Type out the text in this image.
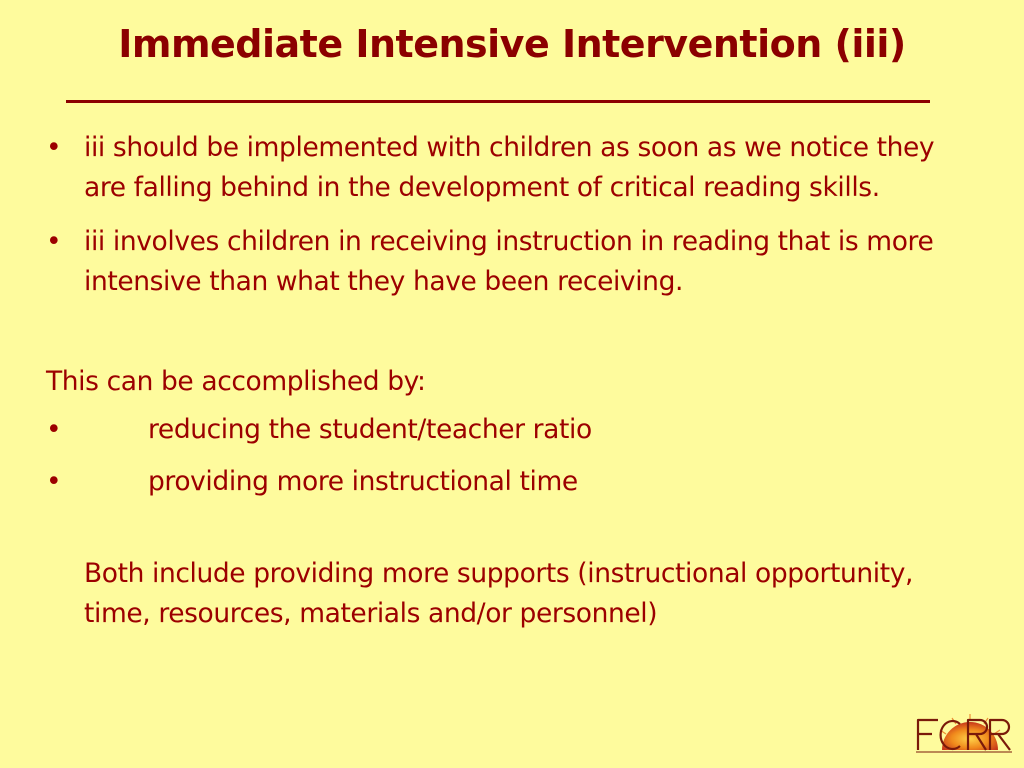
Immediate Intensive Intervention (iii)
• iii should be implemented with children as soon as we notice they are falling behind in the development of critical reading skills.
• iii involves children in receiving instruction in reading that is more intensive than what they have been receiving.
This can be accomplished by:
•	reducing the student/teacher ratio
•	providing more instructional time
Both include providing more supports (instructional opportunity, time, resources, materials and/or personnel)
